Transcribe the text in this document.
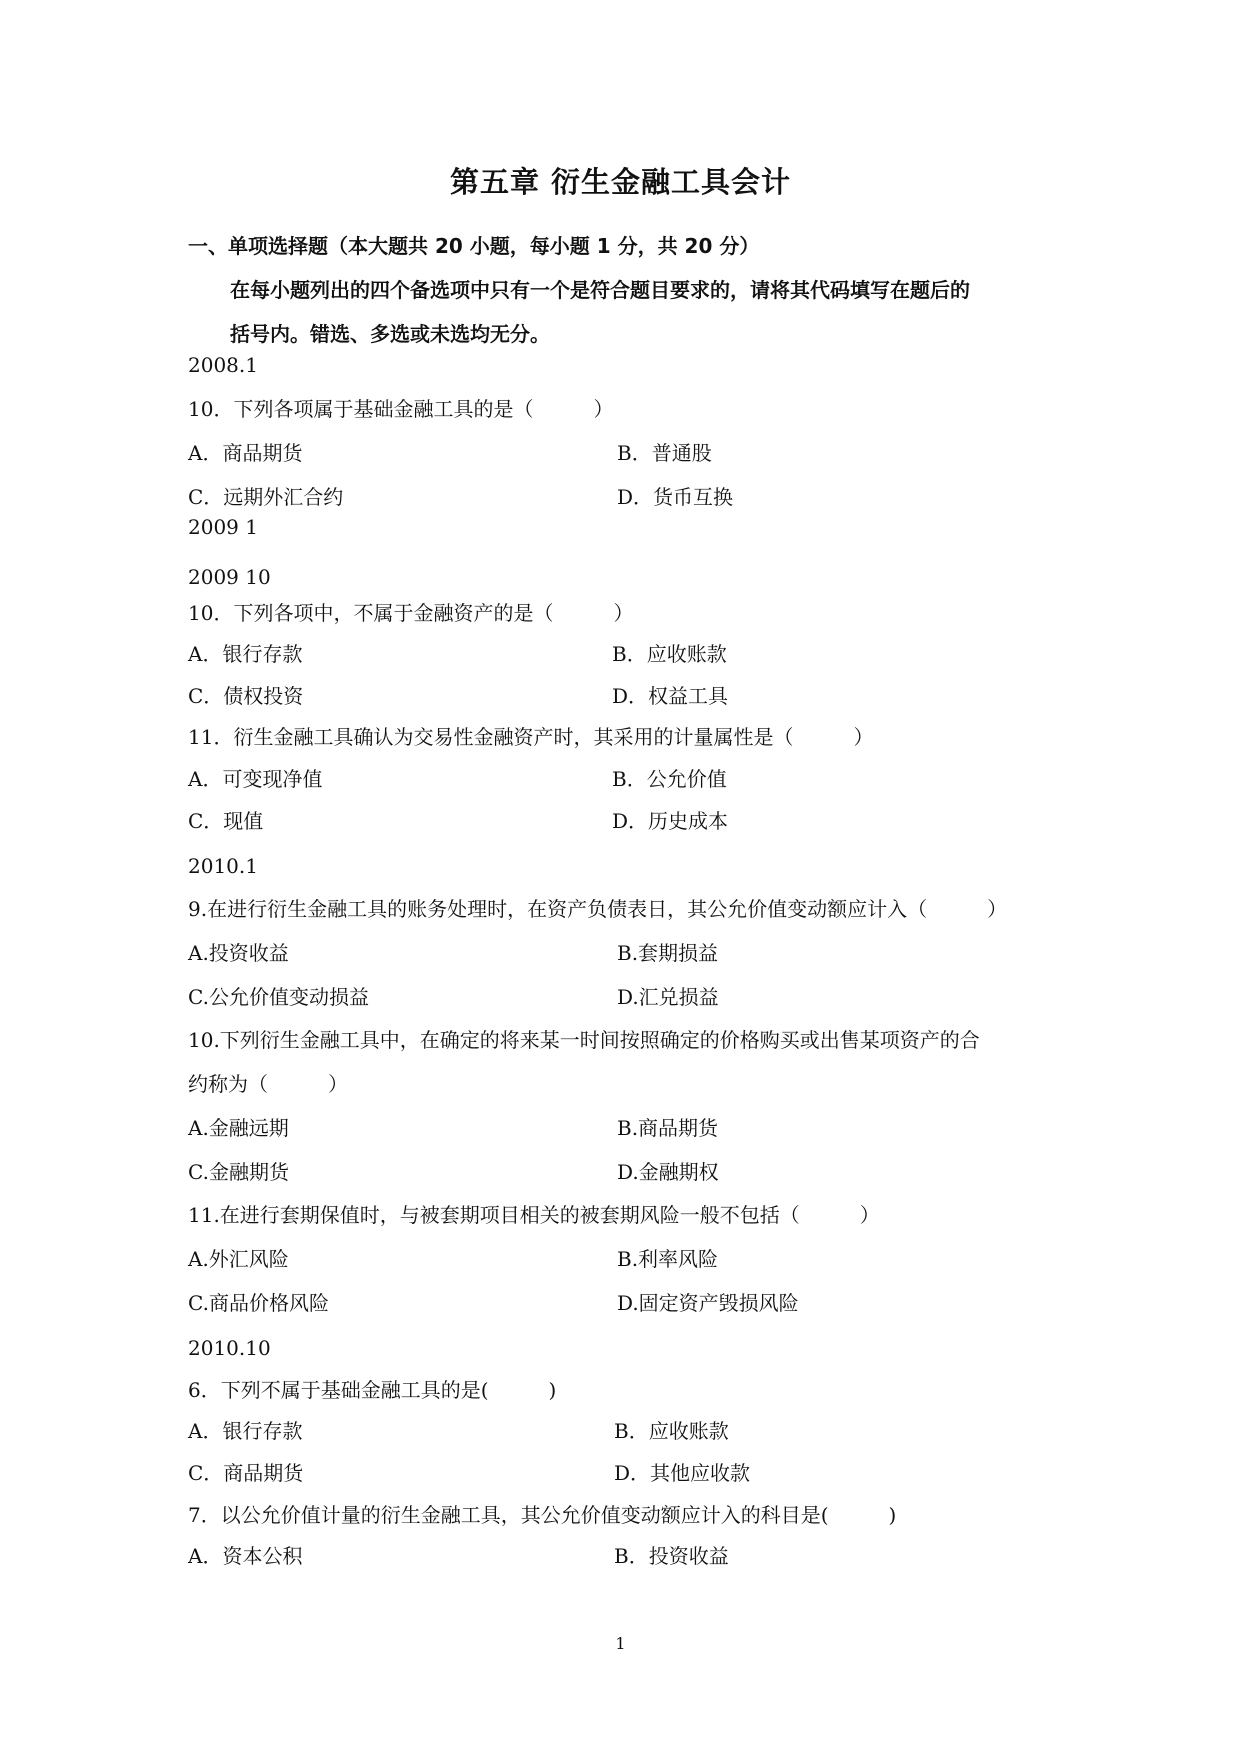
第五章 衍生金融工具会计
一、单项选择题（本大题共 20 小题，每小题 1 分，共 20 分）
在每小题列出的四个备选项中只有一个是符合题目要求的，请将其代码填写在题后的
括号内。错选、多选或未选均无分。
2008.1
10．下列各项属于基础金融工具的是（　　　）
A．商品期货	B．普通股
C．远期外汇合约	D．货币互换
2009 1
2009 10
10．下列各项中，不属于金融资产的是（　　　）
A．银行存款	B．应收账款
C．债权投资	D．权益工具
11．衍生金融工具确认为交易性金融资产时，其采用的计量属性是（　　　）
A．可变现净值	B．公允价值
C．现值	D．历史成本
2010.1
9.在进行衍生金融工具的账务处理时，在资产负债表日，其公允价值变动额应计入（　　　）
A.投资收益	B.套期损益
C.公允价值变动损益	D.汇兑损益
10.下列衍生金融工具中，在确定的将来某一时间按照确定的价格购买或出售某项资产的合
约称为（　　　）
A.金融远期	B.商品期货
C.金融期货	D.金融期权
11.在进行套期保值时，与被套期项目相关的被套期风险一般不包括（　　　）
A.外汇风险	B.利率风险
C.商品价格风险	D.固定资产毁损风险
2010.10
6．下列不属于基础金融工具的是(　　　)
A．银行存款	B．应收账款
C．商品期货	D．其他应收款
7．以公允价值计量的衍生金融工具，其公允价值变动额应计入的科目是(　　　)
A．资本公积	B．投资收益
1
